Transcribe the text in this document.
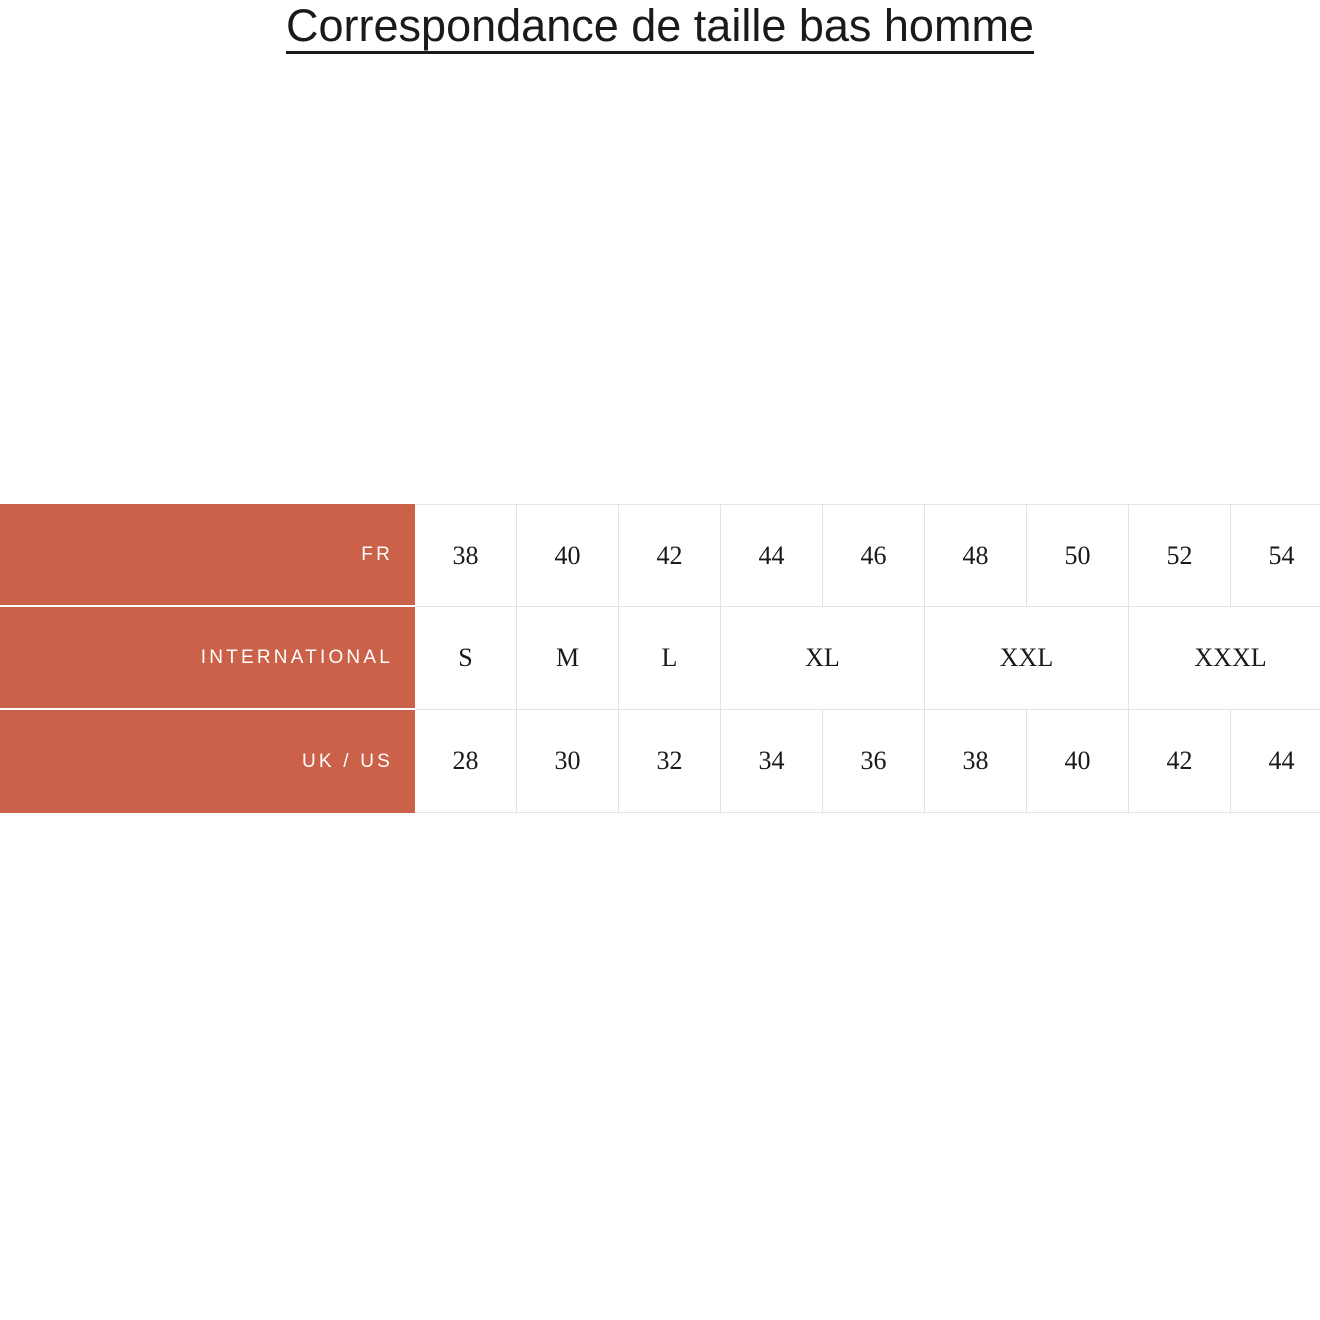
Correspondance de taille bas homme
FR	38	40	42	44	46	48	50	52	54
INTERNATIONAL	S	M	L	XL	XXL	XXXL
UK / US	28	30	32	34	36	38	40	42	44
